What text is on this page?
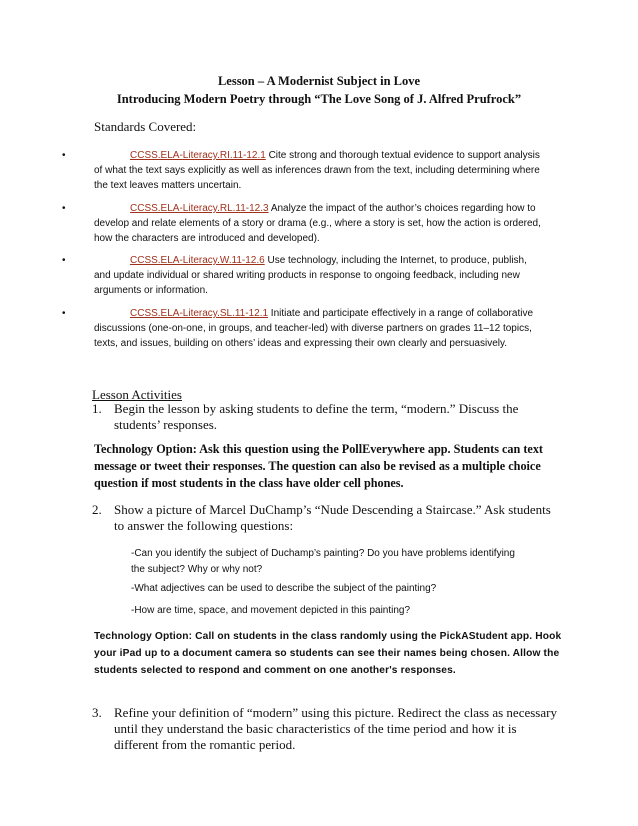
Lesson – A Modernist Subject in Love
Introducing Modern Poetry through “The Love Song of J. Alfred Prufrock”
Standards Covered:
•	CCSS.ELA-Literacy.RI.11-12.1 Cite strong and thorough textual evidence to support analysis of what the text says explicitly as well as inferences drawn from the text, including determining where the text leaves matters uncertain.
•	CCSS.ELA-Literacy.RL.11-12.3 Analyze the impact of the author’s choices regarding how to develop and relate elements of a story or drama (e.g., where a story is set, how the action is ordered, how the characters are introduced and developed).
•	CCSS.ELA-Literacy.W.11-12.6 Use technology, including the Internet, to produce, publish, and update individual or shared writing products in response to ongoing feedback, including new arguments or information.
•	CCSS.ELA-Literacy.SL.11-12.1 Initiate and participate effectively in a range of collaborative discussions (one-on-one, in groups, and teacher-led) with diverse partners on grades 11–12 topics, texts, and issues, building on others’ ideas and expressing their own clearly and persuasively.
Lesson Activities
1. Begin the lesson by asking students to define the term, “modern.” Discuss the students’ responses.
Technology Option: Ask this question using the PollEverywhere app. Students can text message or tweet their responses. The question can also be revised as a multiple choice question if most students in the class have older cell phones.
2. Show a picture of Marcel DuChamp’s “Nude Descending a Staircase.” Ask students to answer the following questions:
-Can you identify the subject of Duchamp’s painting? Do you have problems identifying the subject? Why or why not?
-What adjectives can be used to describe the subject of the painting?
-How are time, space, and movement depicted in this painting?
Technology Option: Call on students in the class randomly using the PickAStudent app. Hook your iPad up to a document camera so students can see their names being chosen. Allow the students selected to respond and comment on one another's responses.
3. Refine your definition of “modern” using this picture. Redirect the class as necessary until they understand the basic characteristics of the time period and how it is different from the romantic period.
